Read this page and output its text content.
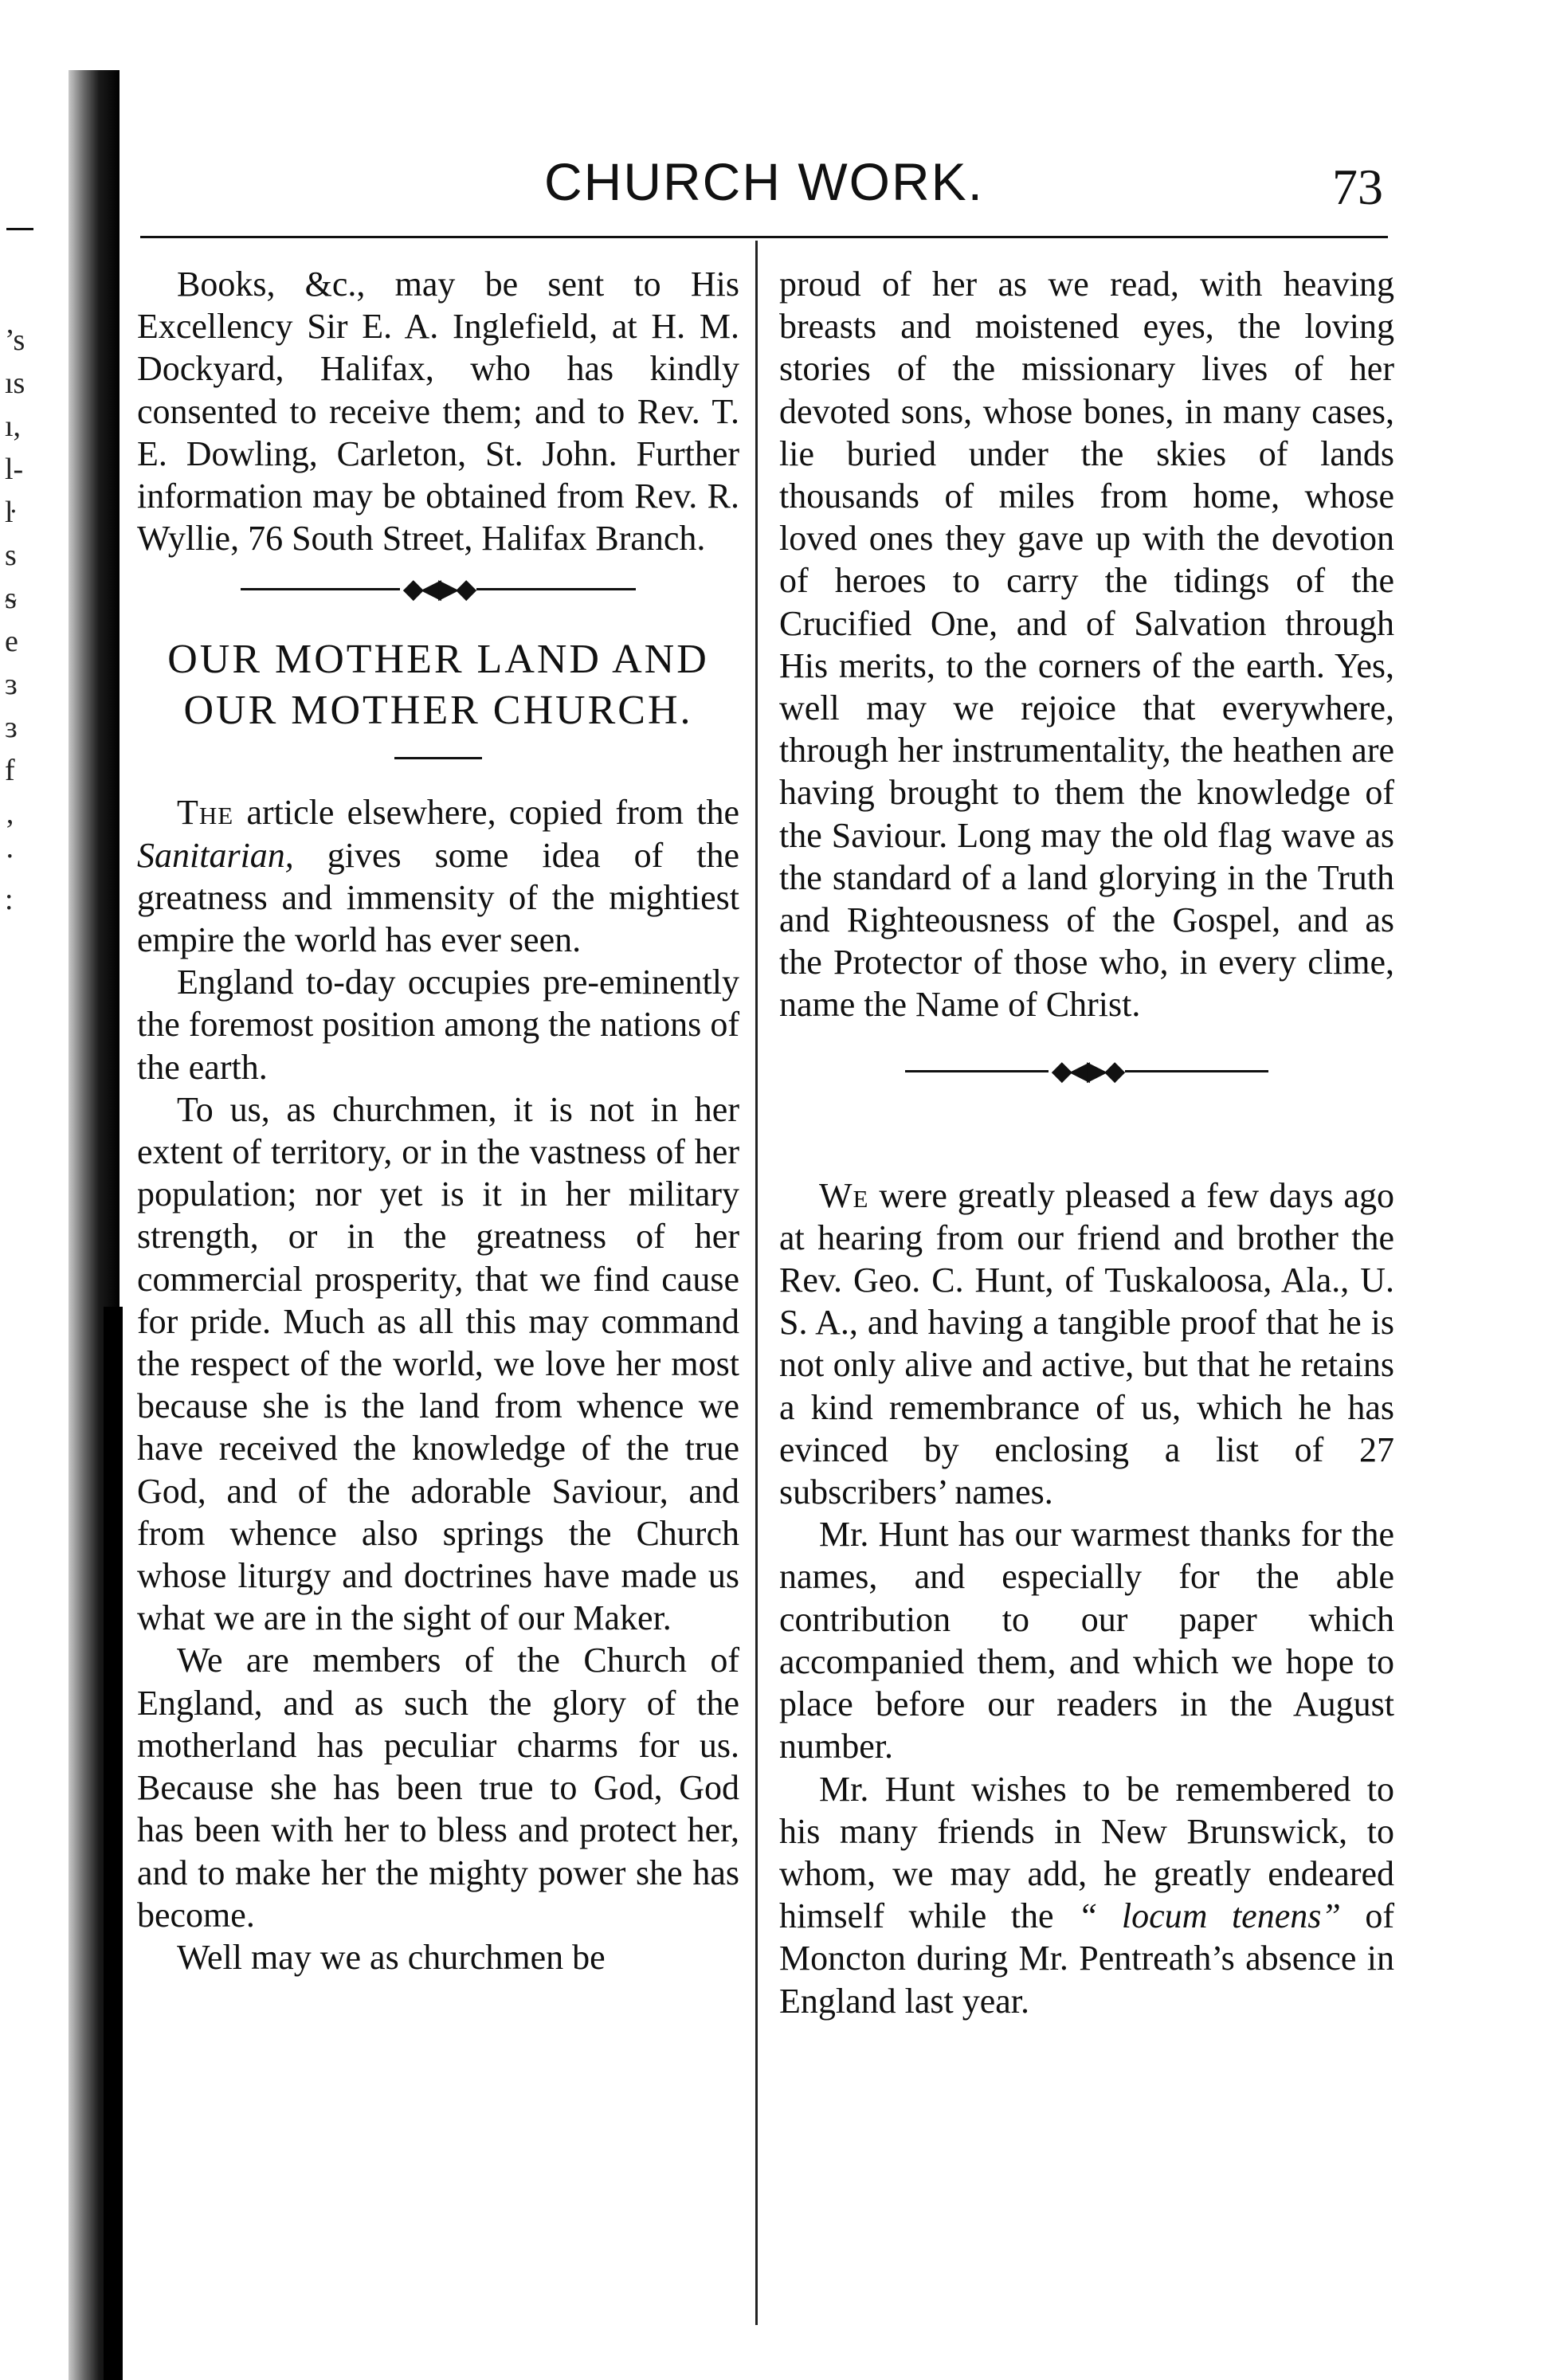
’s
ıs
ı,
l-
ŀ
s
ᵴ
e
ɜ
ɜ
f
‚
·
:
CHURCH WORK.	73

Books, &c., may be sent to His Excellency Sir E. A. Inglefield, at H. M. Dockyard, Halifax, who has kindly consented to receive them; and to Rev. T. E. Dowling, Carleton, St. John. Further information may be obtained from Rev. R. Wyllie, 76 South Street, Halifax Branch.

◆◀▶◆
OUR MOTHER LAND AND
OUR MOTHER CHURCH.

The article elsewhere, copied from the Sanitarian, gives some idea of the greatness and immensity of the mightiest empire the world has ever seen.

England to-day occupies pre-eminently the foremost position among the nations of the earth.

To us, as churchmen, it is not in her extent of territory, or in the vastness of her population; nor yet is it in her military strength, or in the greatness of her commercial prosperity, that we find cause for pride. Much as all this may command the respect of the world, we love her most because she is the land from whence we have received the knowledge of the true God, and of the adorable Saviour, and from whence also springs the Church whose liturgy and doctrines have made us what we are in the sight of our Maker.

We are members of the Church of England, and as such the glory of the motherland has peculiar charms for us. Because she has been true to God, God has been with her to bless and protect her, and to make her the mighty power she has become.

Well may we as churchmen be

proud of her as we read, with heaving breasts and moistened eyes, the loving stories of the missionary lives of her devoted sons, whose bones, in many cases, lie buried under the skies of lands thousands of miles from home, whose loved ones they gave up with the devotion of heroes to carry the tidings of the Crucified One, and of Salvation through His merits, to the corners of the earth. Yes, well may we rejoice that everywhere, through her instrumentality, the heathen are having brought to them the knowledge of the Saviour. Long may the old flag wave as the standard of a land glorying in the Truth and Righteousness of the Gospel, and as the Protector of those who, in every clime, name the Name of Christ.

◆◀▶◆

We were greatly pleased a few days ago at hearing from our friend and brother the Rev. Geo. C. Hunt, of Tuskaloosa, Ala., U. S. A., and having a tangible proof that he is not only alive and active, but that he retains a kind remembrance of us, which he has evinced by enclosing a list of 27 subscribers’ names.

Mr. Hunt has our warmest thanks for the names, and especially for the able contribution to our paper which accompanied them, and which we hope to place before our readers in the August number.

Mr. Hunt wishes to be remembered to his many friends in New Brunswick, to whom, we may add, he greatly endeared himself while the “ locum tenens” of Moncton during Mr. Pentreath’s absence in England last year.
